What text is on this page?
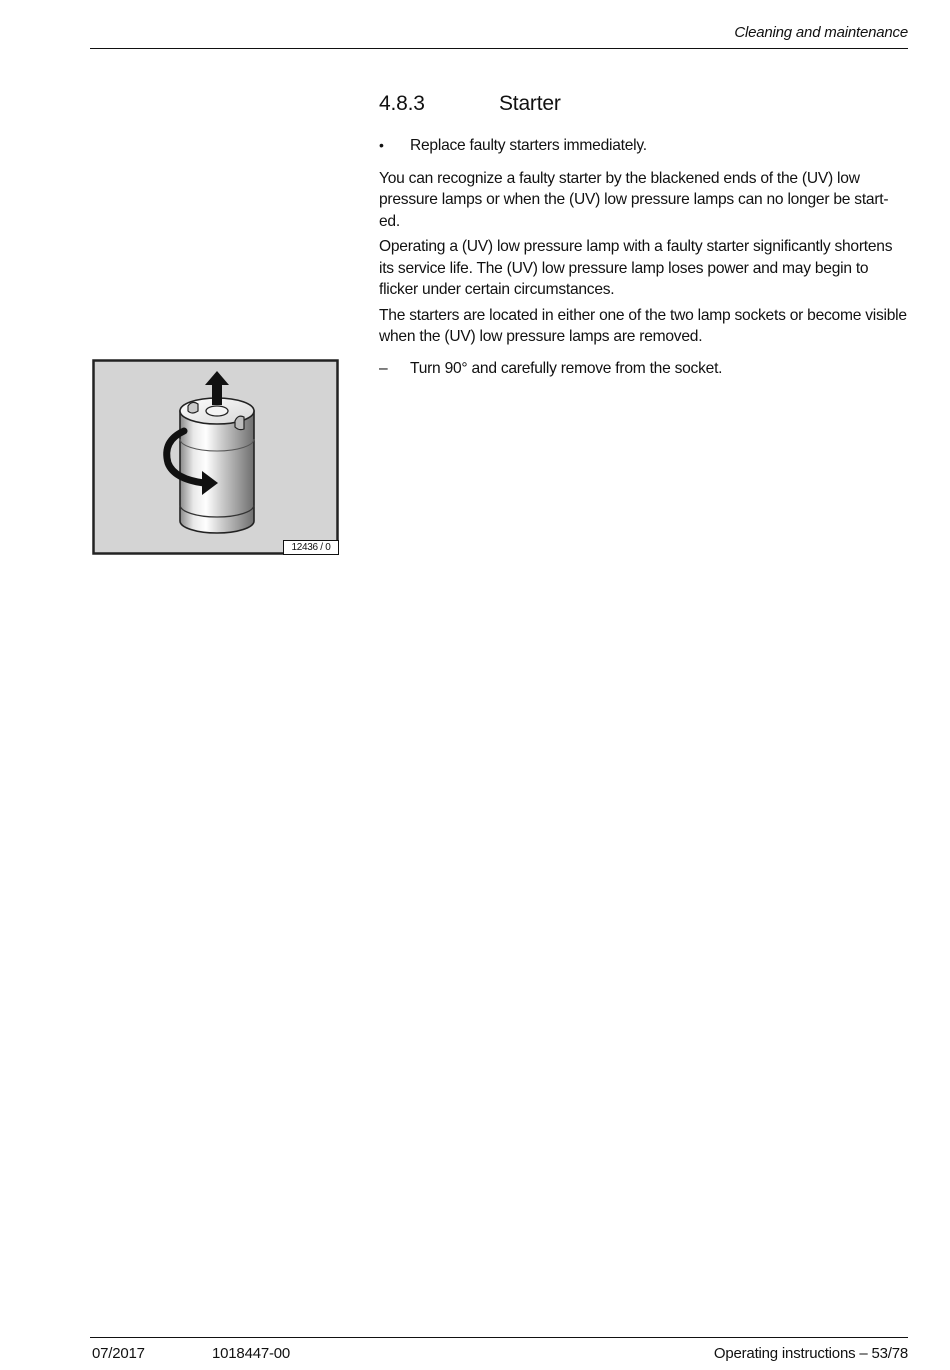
Cleaning and maintenance
4.8.3	Starter
• Replace faulty starters immediately.

You can recognize a faulty starter by the blackened ends of the (UV) low pressure lamps or when the (UV) low pressure lamps can no longer be start-ed.

Operating a (UV) low pressure lamp with a faulty starter significantly shortens its service life. The (UV) low pressure lamp loses power and may begin to flicker under certain circumstances.

The starters are located in either one of the two lamp sockets or become visible when the (UV) low pressure lamps are removed.

– Turn 90° and carefully remove from the socket.
12436 / 0
07/2017	1018447-00	Operating instructions – 53/78
